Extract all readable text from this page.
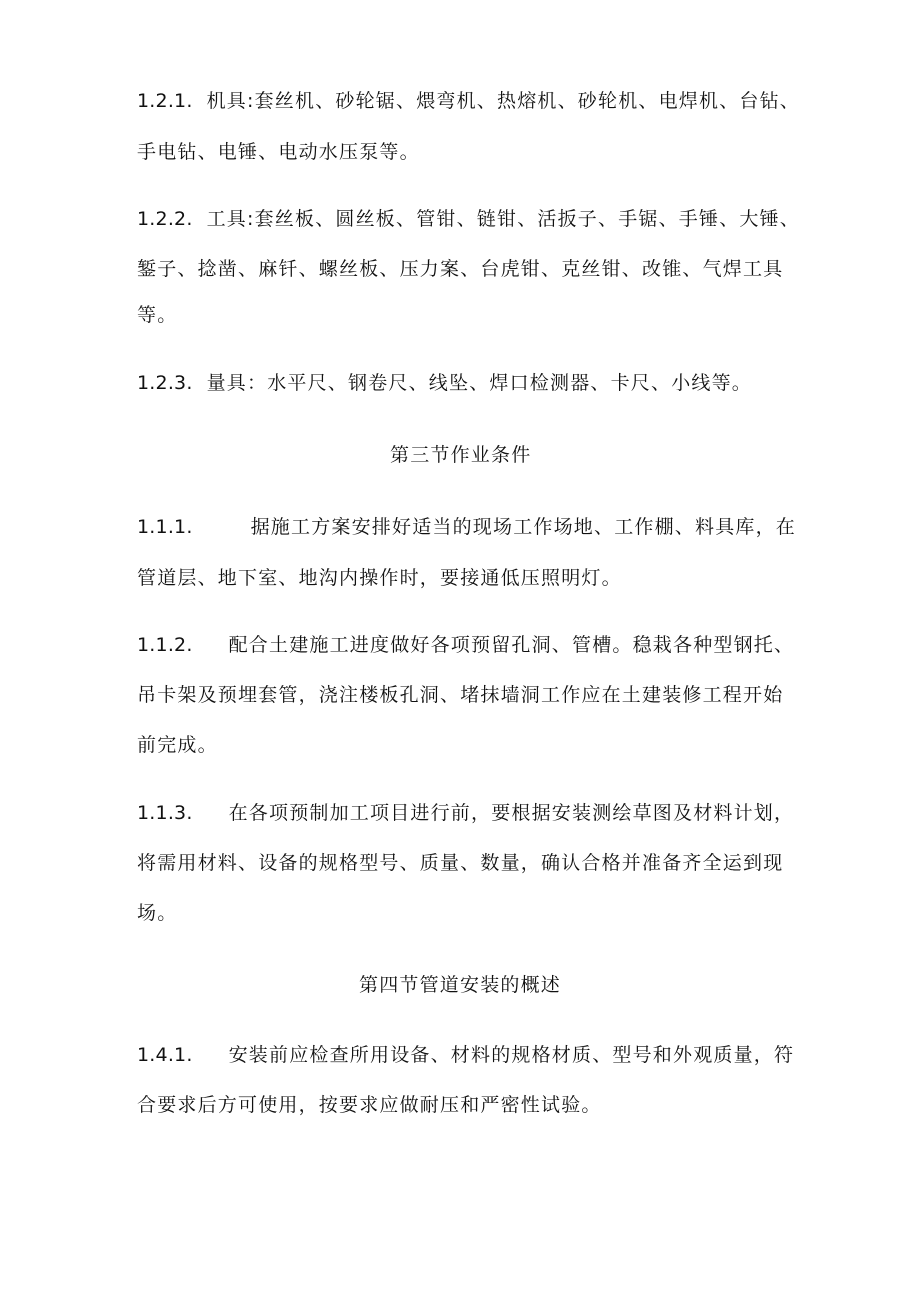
1.2.1. 机具:套丝机、砂轮锯、煨弯机、热熔机、砂轮机、电焊机、台钻、
手电钻、电锤、电动水压泵等。
1.2.2. 工具:套丝板、圆丝板、管钳、链钳、活扳子、手锯、手锤、大锤、
錾子、捻凿、麻钎、螺丝板、压力案、台虎钳、克丝钳、改锥、气焊工具
等。
1.2.3. 量具：水平尺、钢卷尺、线坠、焊口检测器、卡尺、小线等。
第三节作业条件
1.1.1.	据施工方案安排好适当的现场工作场地、工作棚、料具库，在
管道层、地下室、地沟内操作时，要接通低压照明灯。
1.1.2. 配合土建施工进度做好各项预留孔洞、管槽。稳栽各种型钢托、
吊卡架及预埋套管，浇注楼板孔洞、堵抹墙洞工作应在土建装修工程开始
前完成。
1.1.3. 在各项预制加工项目进行前，要根据安装测绘草图及材料计划，
将需用材料、设备的规格型号、质量、数量，确认合格并准备齐全运到现
场。
第四节管道安装的概述
1.4.1. 安装前应检查所用设备、材料的规格材质、型号和外观质量，符
合要求后方可使用，按要求应做耐压和严密性试验。
